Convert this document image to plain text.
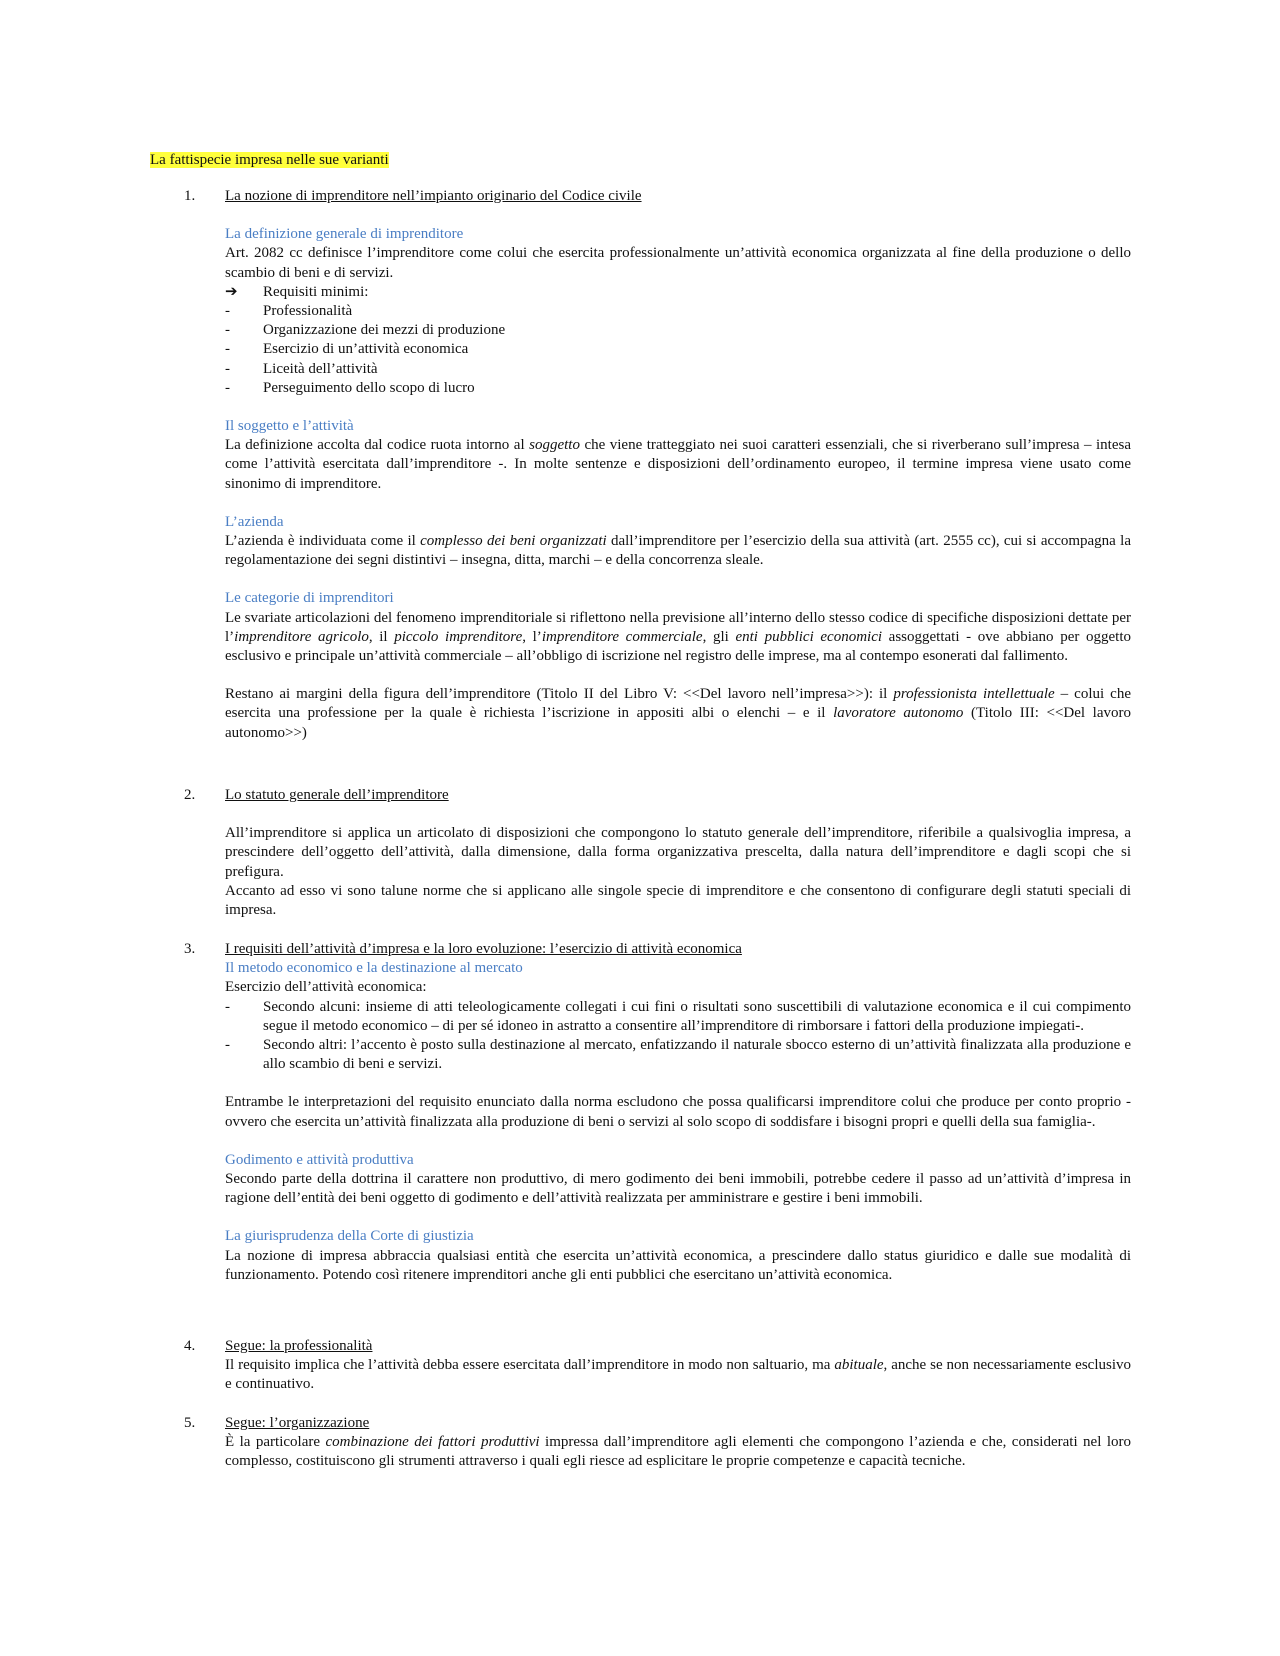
La fattispecie impresa nelle sue varianti

1. La nozione di imprenditore nell’impianto originario del Codice civile

La definizione generale di imprenditore

Art. 2082 cc definisce l’imprenditore come colui che esercita professionalmente un’attività economica organizzata al fine della produzione o dello scambio di beni e di servizi.

➔ Requisiti minimi:
- Professionalità
- Organizzazione dei mezzi di produzione
- Esercizio di un’attività economica
- Liceità dell’attività
- Perseguimento dello scopo di lucro

Il soggetto e l’attività

La definizione accolta dal codice ruota intorno al soggetto che viene tratteggiato nei suoi caratteri essenziali, che si riverberano sull’impresa – intesa come l’attività esercitata dall’imprenditore -. In molte sentenze e disposizioni dell’ordinamento europeo, il termine impresa viene usato come sinonimo di imprenditore.

L’azienda

L’azienda è individuata come il complesso dei beni organizzati dall’imprenditore per l’esercizio della sua attività (art. 2555 cc), cui si accompagna la regolamentazione dei segni distintivi – insegna, ditta, marchi – e della concorrenza sleale.

Le categorie di imprenditori

Le svariate articolazioni del fenomeno imprenditoriale si riflettono nella previsione all’interno dello stesso codice di specifiche disposizioni dettate per l’imprenditore agricolo, il piccolo imprenditore, l’imprenditore commerciale, gli enti pubblici economici assoggettati - ove abbiano per oggetto esclusivo e principale un’attività commerciale – all’obbligo di iscrizione nel registro delle imprese, ma al contempo esonerati dal fallimento.

Restano ai margini della figura dell’imprenditore (Titolo II del Libro V: <<Del lavoro nell’impresa>>): il professionista intellettuale – colui che esercita una professione per la quale è richiesta l’iscrizione in appositi albi o elenchi – e il lavoratore autonomo (Titolo III: <<Del lavoro autonomo>>)

2. Lo statuto generale dell’imprenditore

All’imprenditore si applica un articolato di disposizioni che compongono lo statuto generale dell’imprenditore, riferibile a qualsivoglia impresa, a prescindere dell’oggetto dell’attività, dalla dimensione, dalla forma organizzativa prescelta, dalla natura dell’imprenditore e dagli scopi che si prefigura.

Accanto ad esso vi sono talune norme che si applicano alle singole specie di imprenditore e che consentono di configurare degli statuti speciali di impresa.

3. I requisiti dell’attività d’impresa e la loro evoluzione: l’esercizio di attività economica

Il metodo economico e la destinazione al mercato

Esercizio dell’attività economica:

- Secondo alcuni: insieme di atti teleologicamente collegati i cui fini o risultati sono suscettibili di valutazione economica e il cui compimento segue il metodo economico – di per sé idoneo in astratto a consentire all’imprenditore di rimborsare i fattori della produzione impiegati-.
- Secondo altri: l’accento è posto sulla destinazione al mercato, enfatizzando il naturale sbocco esterno di un’attività finalizzata alla produzione e allo scambio di beni e servizi.

Entrambe le interpretazioni del requisito enunciato dalla norma escludono che possa qualificarsi imprenditore colui che produce per conto proprio - ovvero che esercita un’attività finalizzata alla produzione di beni o servizi al solo scopo di soddisfare i bisogni propri e quelli della sua famiglia-.

Godimento e attività produttiva

Secondo parte della dottrina il carattere non produttivo, di mero godimento dei beni immobili, potrebbe cedere il passo ad un’attività d’impresa in ragione dell’entità dei beni oggetto di godimento e dell’attività realizzata per amministrare e gestire i beni immobili.

La giurisprudenza della Corte di giustizia

La nozione di impresa abbraccia qualsiasi entità che esercita un’attività economica, a prescindere dallo status giuridico e dalle sue modalità di funzionamento. Potendo così ritenere imprenditori anche gli enti pubblici che esercitano un’attività economica.

4. Segue: la professionalità

Il requisito implica che l’attività debba essere esercitata dall’imprenditore in modo non saltuario, ma abituale, anche se non necessariamente esclusivo e continuativo.

5. Segue: l’organizzazione

È la particolare combinazione dei fattori produttivi impressa dall’imprenditore agli elementi che compongono l’azienda e che, considerati nel loro complesso, costituiscono gli strumenti attraverso i quali egli riesce ad esplicitare le proprie competenze e capacità tecniche.
